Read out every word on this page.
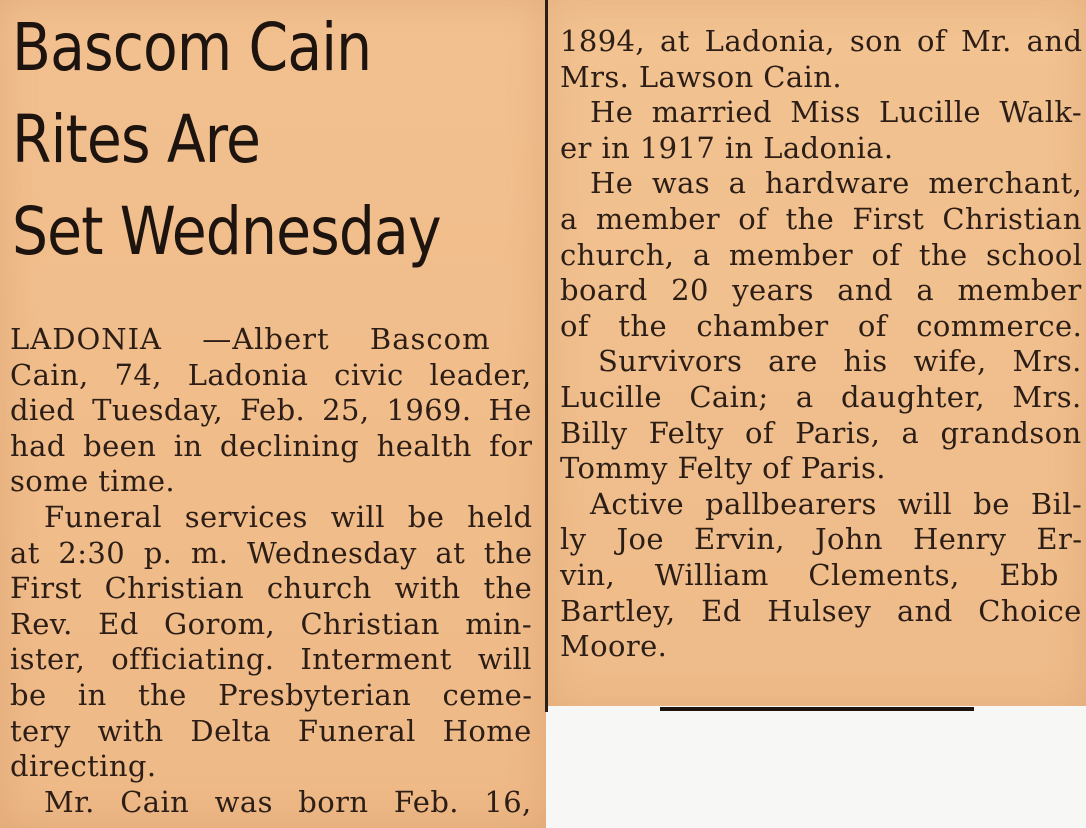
Bascom Cain
Rites Are
Set Wednesday
LADONIA —Albert Bascom
Cain, 74, Ladonia civic leader,
died Tuesday, Feb. 25, 1969. He
had been in declining health for
some time.
Funeral services will be held
at 2:30 p. m. Wednesday at the
First Christian church with the
Rev. Ed Gorom, Christian min-
ister, officiating. Interment will
be in the Presbyterian ceme-
tery with Delta Funeral Home
directing.
Mr. Cain was born Feb. 16,
1894, at Ladonia, son of Mr. and
Mrs. Lawson Cain.
He married Miss Lucille Walk-
er in 1917 in Ladonia.
He was a hardware merchant,
a member of the First Christian
church, a member of the school
board 20 years and a member
of the chamber of commerce.
Survivors are his wife, Mrs.
Lucille Cain; a daughter, Mrs.
Billy Felty of Paris, a grandson
Tommy Felty of Paris.
Active pallbearers will be Bil-
ly Joe Ervin, John Henry Er-
vin, William Clements, Ebb
Bartley, Ed Hulsey and Choice
Moore.
